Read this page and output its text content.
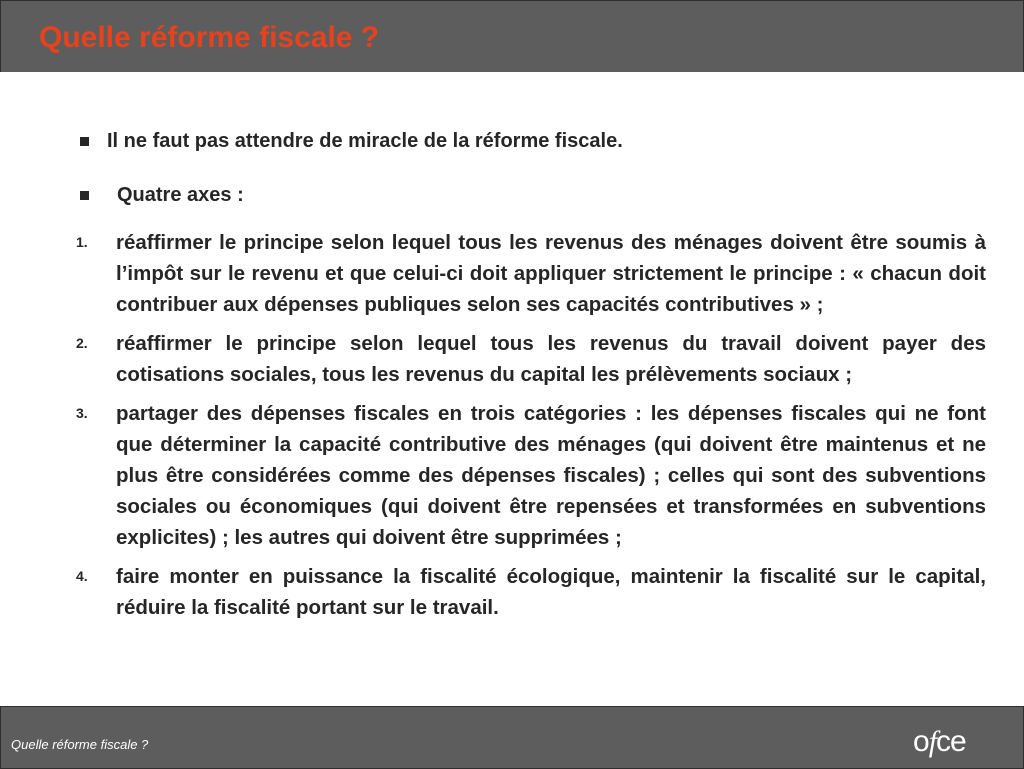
Quelle réforme fiscale ?
Il ne faut pas attendre de miracle de la réforme fiscale.
Quatre axes :
1.	réaffirmer le principe selon lequel tous les revenus des ménages doivent être soumis à l’impôt sur le revenu et que celui-ci doit appliquer strictement le principe : « chacun doit contribuer aux dépenses publiques selon ses capacités contributives » ;
2.	réaffirmer le principe selon lequel tous les revenus du travail doivent payer des cotisations sociales, tous les revenus du capital les prélèvements sociaux ;
3.	partager des dépenses fiscales en trois catégories : les dépenses fiscales qui ne font que déterminer la capacité contributive des ménages (qui doivent être maintenus et ne plus être considérées comme des dépenses fiscales) ; celles qui sont des subventions sociales ou économiques (qui doivent être repensées et transformées en subventions explicites) ; les autres qui doivent être supprimées ;
4.	faire monter en puissance la fiscalité écologique, maintenir la fiscalité sur le capital, réduire la fiscalité portant sur le travail.
Quelle réforme fiscale ?	ofce
